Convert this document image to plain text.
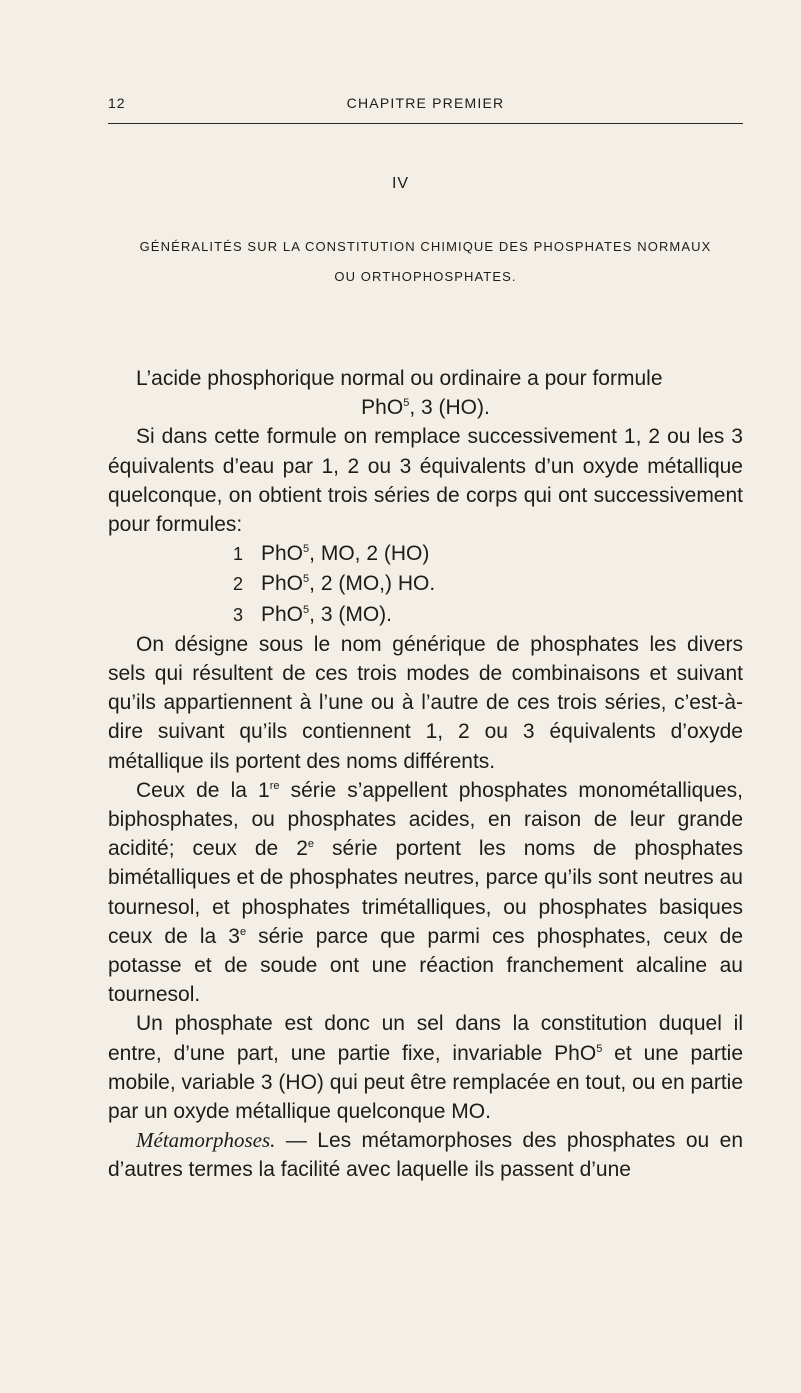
12	CHAPITRE PREMIER
IV
GÉNÉRALITÉS SUR LA CONSTITUTION CHIMIQUE DES PHOSPHATES NORMAUX
OU ORTHOPHOSPHATES.

L’acide phosphorique normal ou ordinaire a pour formule

PhO$^5$, 3 (HO).

Si dans cette formule on remplace successivement 1, 2 ou les 3 équivalents d’eau par 1, 2 ou 3 équivalents d’un oxyde métallique quelconque, on obtient trois séries de corps qui ont successivement pour formules:

1 PhO$^5$, MO, 2 (HO)
2 PhO$^5$, 2 (MO,) HO.
3 PhO$^5$, 3 (MO).

On désigne sous le nom générique de phosphates les divers sels qui résultent de ces trois modes de combinaisons et suivant qu’ils appartiennent à l’une ou à l’autre de ces trois séries, c’est-à-dire suivant qu’ils contiennent 1, 2 ou 3 équivalents d’oxyde métallique ils portent des noms différents.

Ceux de la 1re série s’appellent phosphates monométalliques, biphosphates, ou phosphates acides, en raison de leur grande acidité; ceux de 2e série portent les noms de phosphates bimétalliques et de phosphates neutres, parce qu’ils sont neutres au tournesol, et phosphates trimétalliques, ou phosphates basiques ceux de la 3e série parce que parmi ces phosphates, ceux de potasse et de soude ont une réaction franchement alcaline au tournesol.

Un phosphate est donc un sel dans la constitution duquel il entre, d’une part, une partie fixe, invariable PhO$^5$ et une partie mobile, variable 3 (HO) qui peut être remplacée en tout, ou en partie par un oxyde métallique quelconque MO.

Métamorphoses. — Les métamorphoses des phosphates ou en d’autres termes la facilité avec laquelle ils passent d’une
